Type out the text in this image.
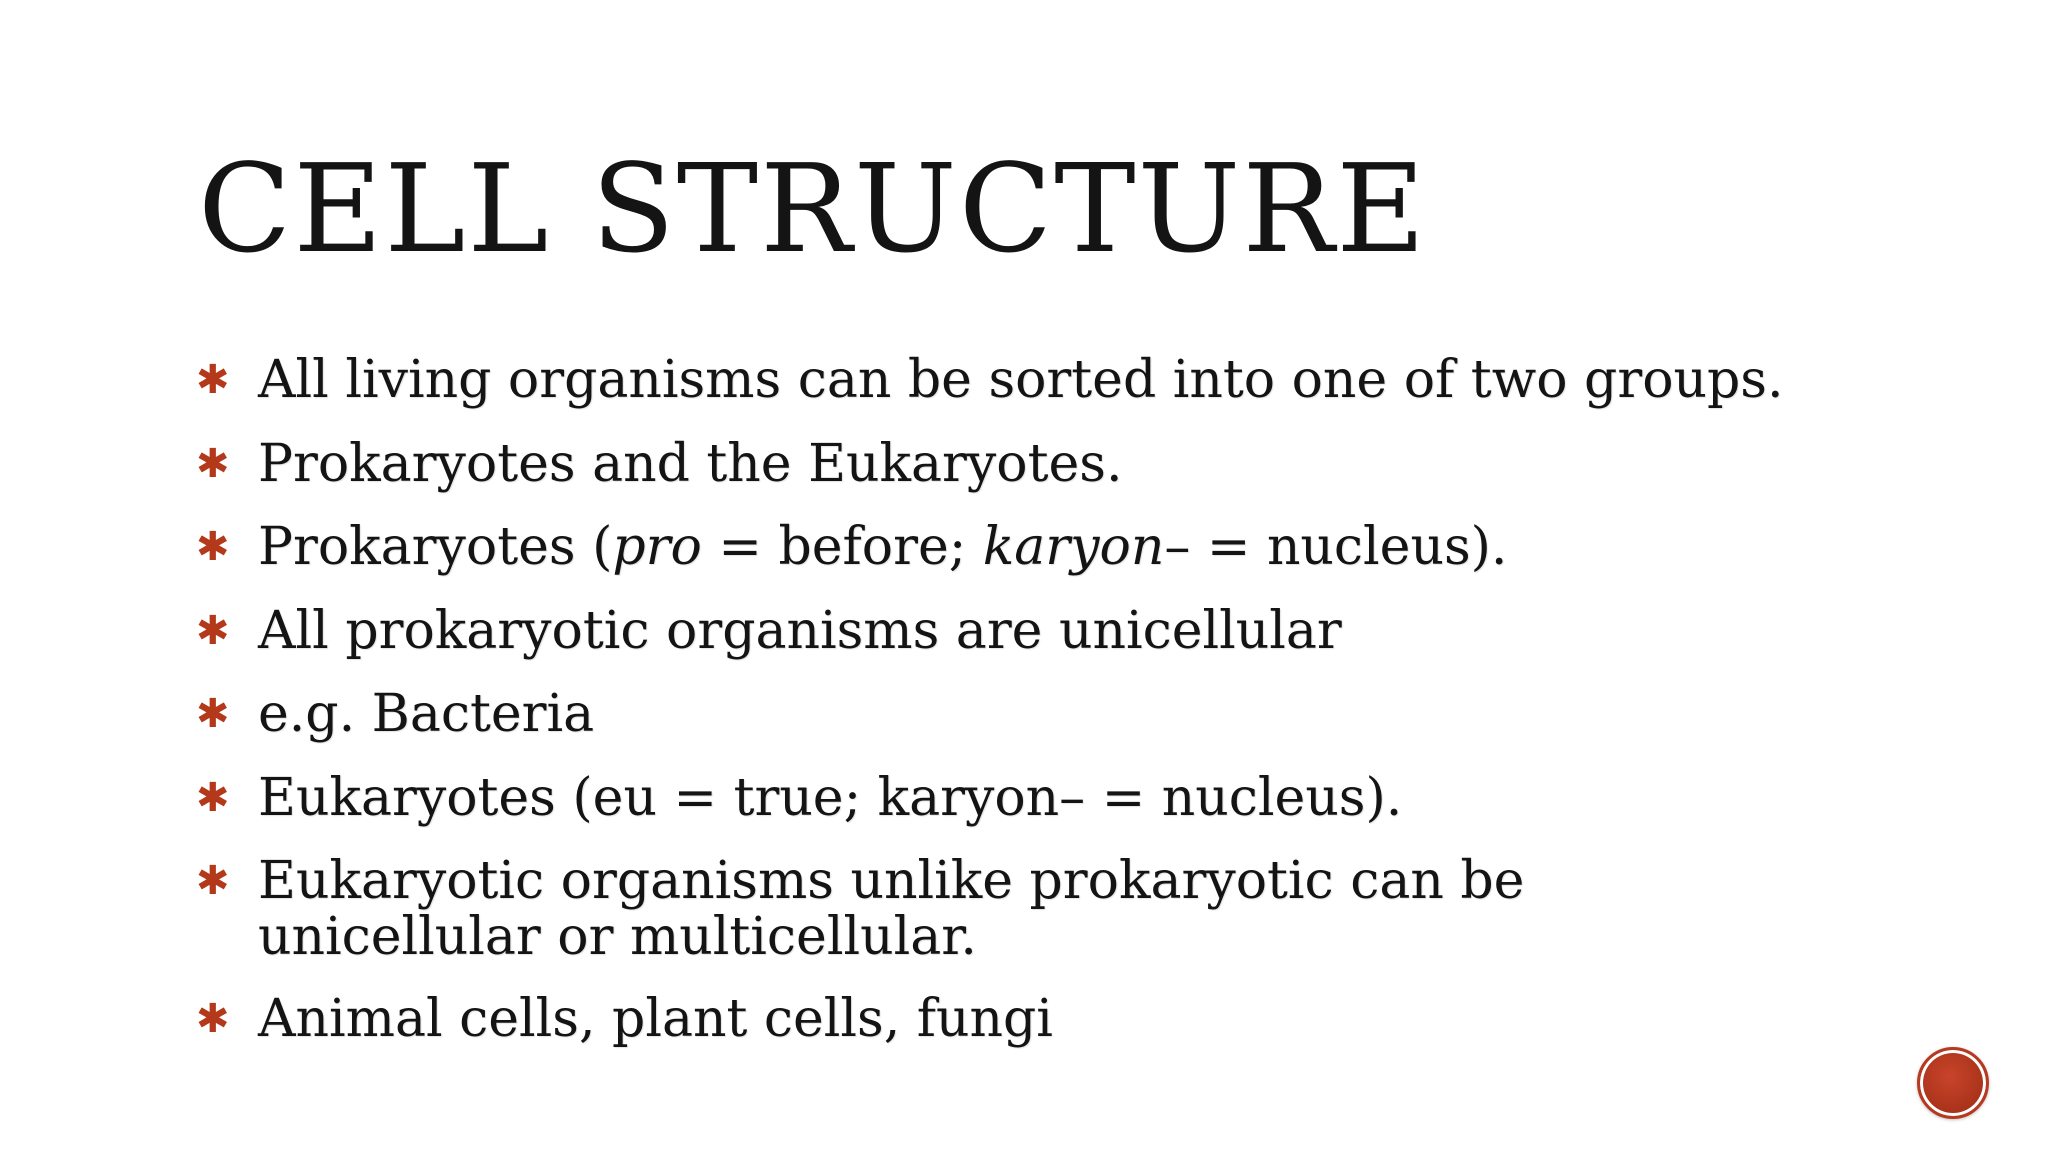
CELL STRUCTURE
✱ All living organisms can be sorted into one of two groups.
✱ Prokaryotes and the Eukaryotes.
✱ Prokaryotes (pro = before; karyon– = nucleus).
✱ All prokaryotic organisms are unicellular
✱ e.g. Bacteria
✱ Eukaryotes (eu = true; karyon– = nucleus).
✱ Eukaryotic organisms unlike prokaryotic can be
unicellular or multicellular.
✱ Animal cells, plant cells, fungi
